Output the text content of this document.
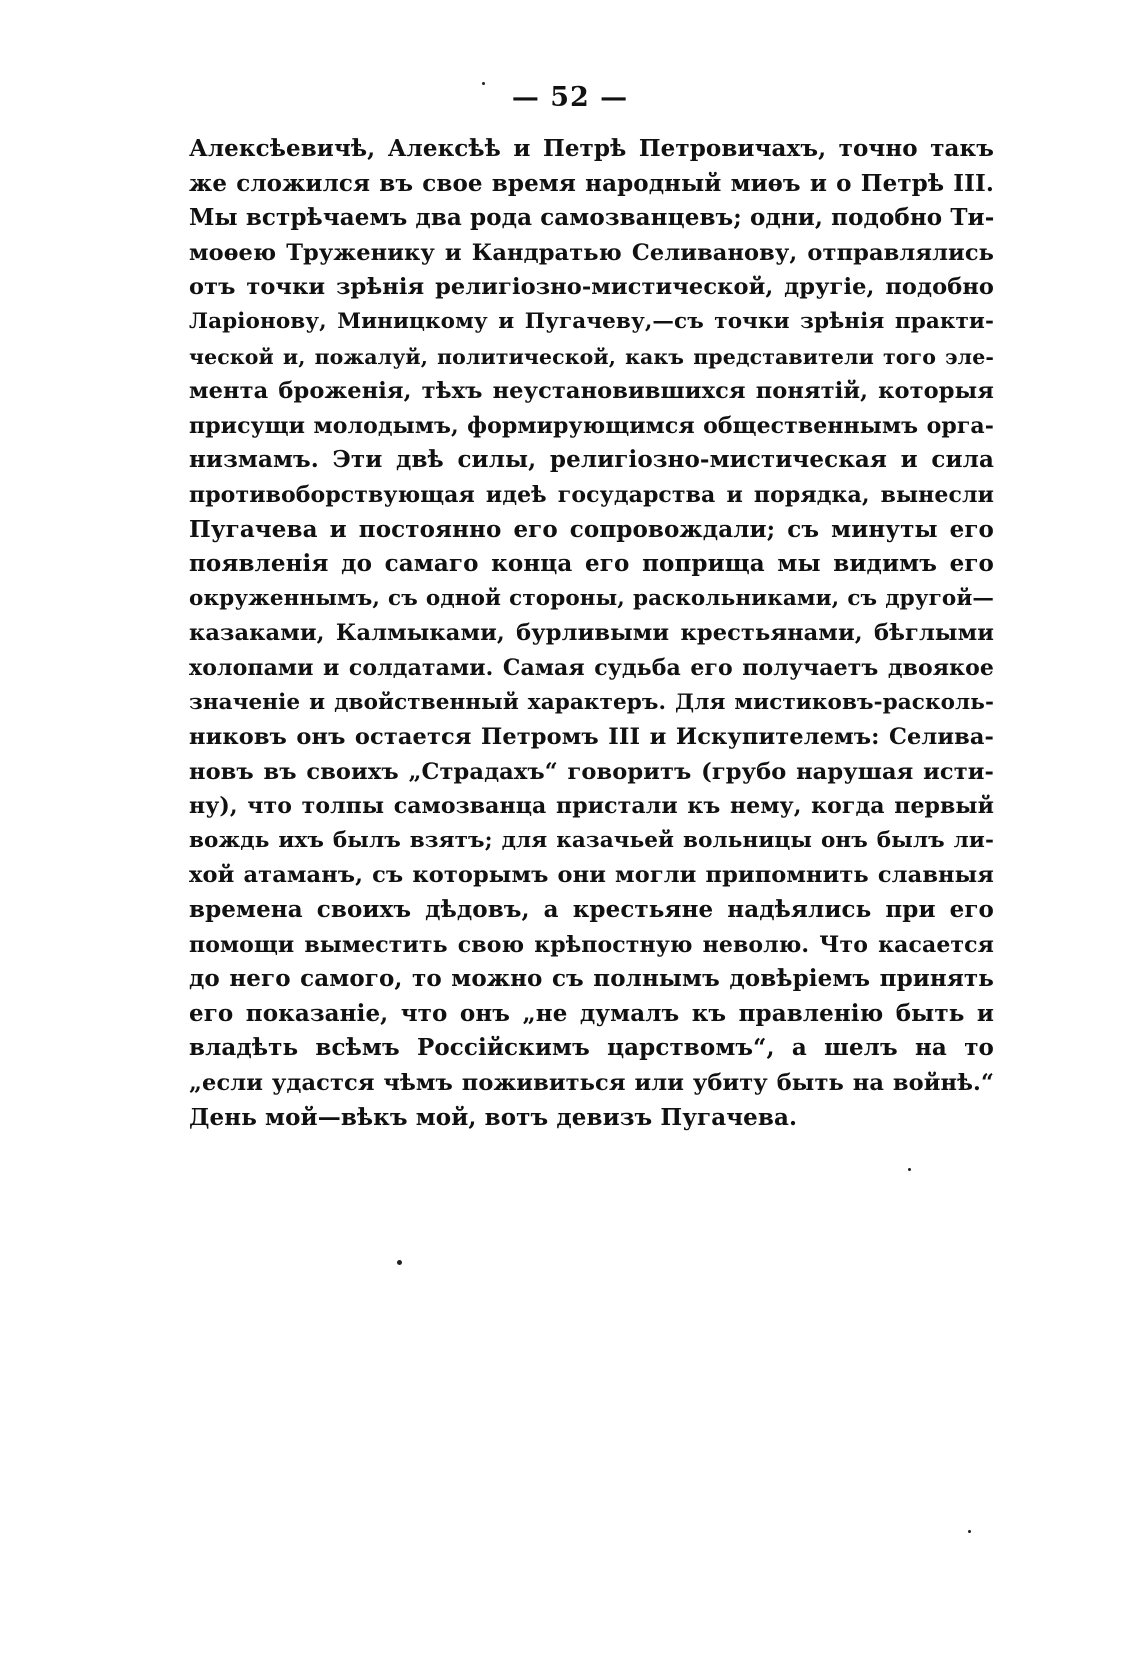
— 52 —
Алексѣевичѣ, Алексѣѣ и Петрѣ Петровичахъ, точно такъ
же сложился въ свое время народный миѳъ и о Петрѣ III.
Мы встрѣчаемъ два рода самозванцевъ; одни, подобно Ти-
моѳею Труженику и Кандратью Селиванову, отправлялись
отъ точки зрѣнія религіозно-мистической, другіе, подобно
Ларіонову, Миницкому и Пугачеву,—съ точки зрѣнія практи-
ческой и, пожалуй, политической, какъ представители того эле-
мента броженія, тѣхъ неустановившихся понятій, которыя
присущи молодымъ, формирующимся общественнымъ орга-
низмамъ. Эти двѣ силы, религіозно-мистическая и сила
противоборствующая идеѣ государства и порядка, вынесли
Пугачева и постоянно его сопровождали; съ минуты его
появленія до самаго конца его поприща мы видимъ его
окруженнымъ, съ одной стороны, раскольниками, съ другой—
казаками, Калмыками, бурливыми крестьянами, бѣглыми
холопами и солдатами. Самая судьба его получаетъ двоякое
значеніе и двойственный характеръ. Для мистиковъ-расколь-
никовъ онъ остается Петромъ III и Искупителемъ: Селива-
новъ въ своихъ „Страдахъ“ говоритъ (грубо нарушая исти-
ну), что толпы самозванца пристали къ нему, когда первый
вождь ихъ былъ взятъ; для казачьей вольницы онъ былъ ли-
хой атаманъ, съ которымъ они могли припомнить славныя
времена своихъ дѣдовъ, а крестьяне надѣялись при его
помощи выместить свою крѣпостную неволю. Что касается
до него самого, то можно съ полнымъ довѣріемъ принять
его показаніе, что онъ „не думалъ къ правленію быть и
владѣть всѣмъ Россійскимъ царствомъ“, а шелъ на то
„если удастся чѣмъ поживиться или убиту быть на войнѣ.“
День мой—вѣкъ мой, вотъ девизъ Пугачева.
